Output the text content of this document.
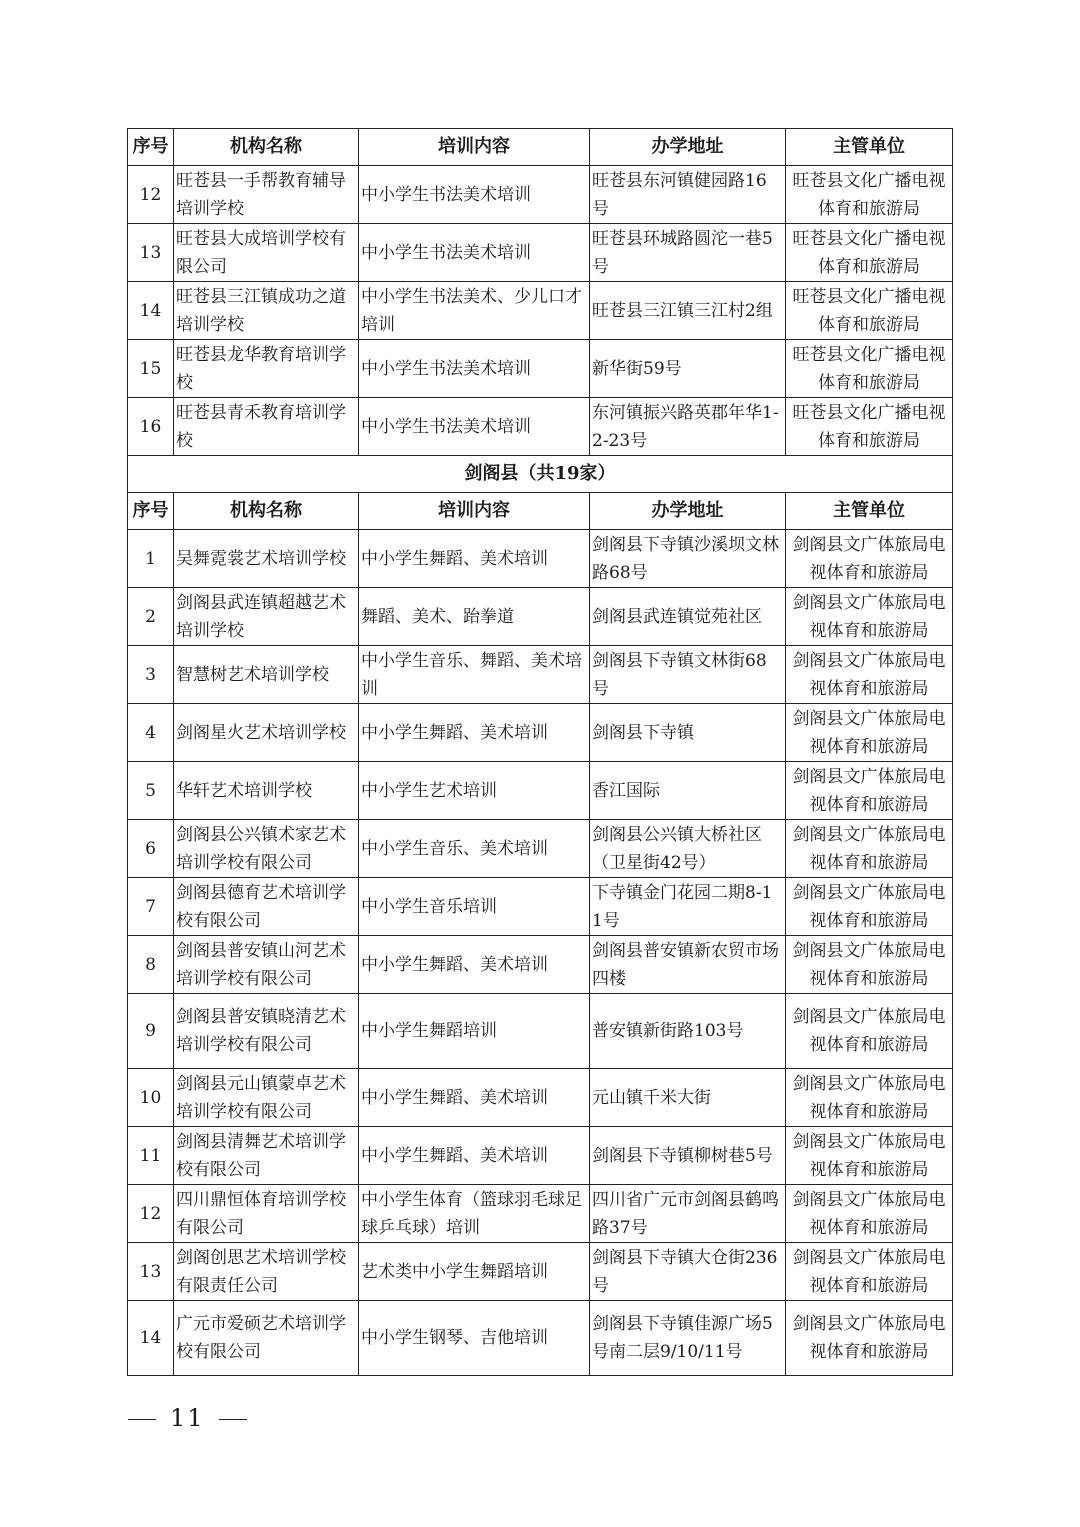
序号	机构名称	培训内容	办学地址	主管单位
12	旺苍县一手帮教育辅导培训学校	中小学生书法美术培训	旺苍县东河镇健园路16号	旺苍县文化广播电视体育和旅游局
13	旺苍县大成培训学校有限公司	中小学生书法美术培训	旺苍县环城路圆沱一巷5号	旺苍县文化广播电视体育和旅游局
14	旺苍县三江镇成功之道培训学校	中小学生书法美术、少儿口才培训	旺苍县三江镇三江村2组	旺苍县文化广播电视体育和旅游局
15	旺苍县龙华教育培训学校	中小学生书法美术培训	新华街59号	旺苍县文化广播电视体育和旅游局
16	旺苍县青禾教育培训学校	中小学生书法美术培训	东河镇振兴路英郡年华1-2-23号	旺苍县文化广播电视体育和旅游局
剑阁县（共19家）				
序号	机构名称	培训内容	办学地址	主管单位
1	吴舞霓裳艺术培训学校	中小学生舞蹈、美术培训	剑阁县下寺镇沙溪坝文林路68号	剑阁县文广体旅局电视体育和旅游局
2	剑阁县武连镇超越艺术培训学校	舞蹈、美术、跆拳道	剑阁县武连镇觉苑社区	剑阁县文广体旅局电视体育和旅游局
3	智慧树艺术培训学校	中小学生音乐、舞蹈、美术培训	剑阁县下寺镇文林街68号	剑阁县文广体旅局电视体育和旅游局
4	剑阁星火艺术培训学校	中小学生舞蹈、美术培训	剑阁县下寺镇	剑阁县文广体旅局电视体育和旅游局
5	华轩艺术培训学校	中小学生艺术培训	香江国际	剑阁县文广体旅局电视体育和旅游局
6	剑阁县公兴镇术家艺术培训学校有限公司	中小学生音乐、美术培训	剑阁县公兴镇大桥社区（卫星街42号）	剑阁县文广体旅局电视体育和旅游局
7	剑阁县德育艺术培训学校有限公司	中小学生音乐培训	下寺镇金门花园二期8-11号	剑阁县文广体旅局电视体育和旅游局
8	剑阁县普安镇山河艺术培训学校有限公司	中小学生舞蹈、美术培训	剑阁县普安镇新农贸市场四楼	剑阁县文广体旅局电视体育和旅游局
9	剑阁县普安镇晓清艺术培训学校有限公司	中小学生舞蹈培训	普安镇新街路103号	剑阁县文广体旅局电视体育和旅游局
10	剑阁县元山镇蒙卓艺术培训学校有限公司	中小学生舞蹈、美术培训	元山镇千米大街	剑阁县文广体旅局电视体育和旅游局
11	剑阁县清舞艺术培训学校有限公司	中小学生舞蹈、美术培训	剑阁县下寺镇柳树巷5号	剑阁县文广体旅局电视体育和旅游局
12	四川鼎恒体育培训学校有限公司	中小学生体育（篮球羽毛球足球乒乓球）培训	四川省广元市剑阁县鹤鸣路37号	剑阁县文广体旅局电视体育和旅游局
13	剑阁创思艺术培训学校有限责任公司	艺术类中小学生舞蹈培训	剑阁县下寺镇大仓街236号	剑阁县文广体旅局电视体育和旅游局
14	广元市爱硕艺术培训学校有限公司	中小学生钢琴、吉他培训	剑阁县下寺镇佳源广场5号南二层9/10/11号	剑阁县文广体旅局电视体育和旅游局
11
